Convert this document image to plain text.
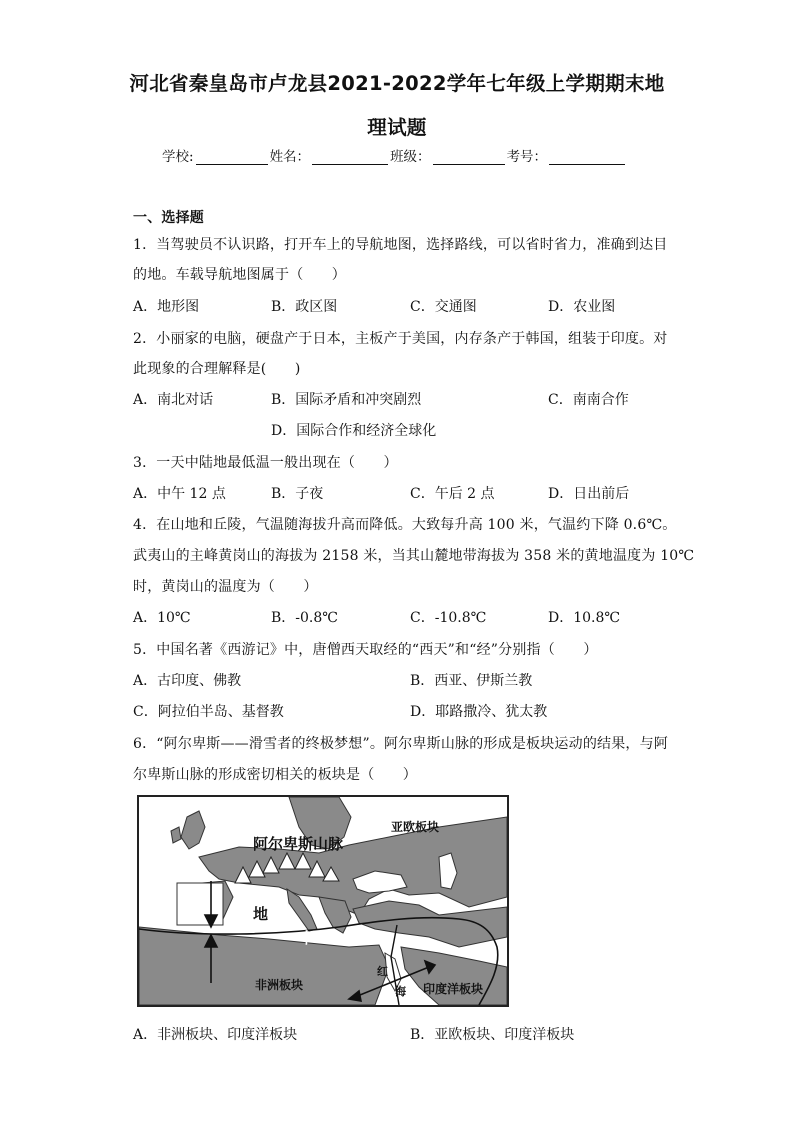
河北省秦皇岛市卢龙县2021-2022学年七年级上学期期末地
理试题
学校:	姓名：	班级：	考号：
一、选择题
1．当驾驶员不认识路，打开车上的导航地图，选择路线，可以省时省力，准确到达目
的地。车载导航地图属于（　　）
A．地形图	B．政区图	C．交通图	D．农业图
2．小丽家的电脑，硬盘产于日本，主板产于美国，内存条产于韩国，组装于印度。对
此现象的合理解释是(　　)
A．南北对话	B．国际矛盾和冲突剧烈	C．南南合作
D．国际合作和经济全球化
3．一天中陆地最低温一般出现在（　　）
A．中午 12 点	B．子夜	C．午后 2 点	D．日出前后
4．在山地和丘陵，气温随海拔升高而降低。大致每升高 100 米，气温约下降 0.6℃。
武夷山的主峰黄岗山的海拔为 2158 米，当其山麓地带海拔为 358 米的黄地温度为 10℃
时，黄岗山的温度为（　　）
A．10℃	B．-0.8℃	C．-10.8℃	D．10.8℃
5．中国名著《西游记》中，唐僧西天取经的“西天”和“经”分别指（　　）
A．古印度、佛教	B．西亚、伊斯兰教
C．阿拉伯半岛、基督教	D．耶路撒冷、犹太教
6．“阿尔卑斯——滑雪者的终极梦想”。阿尔卑斯山脉的形成是板块运动的结果，与阿
尔卑斯山脉的形成密切相关的板块是（　　）
阿尔卑斯山脉
亚欧板块
非洲板块	印度洋板块
地
中 海
红
海
A．非洲板块、印度洋板块	B．亚欧板块、印度洋板块
